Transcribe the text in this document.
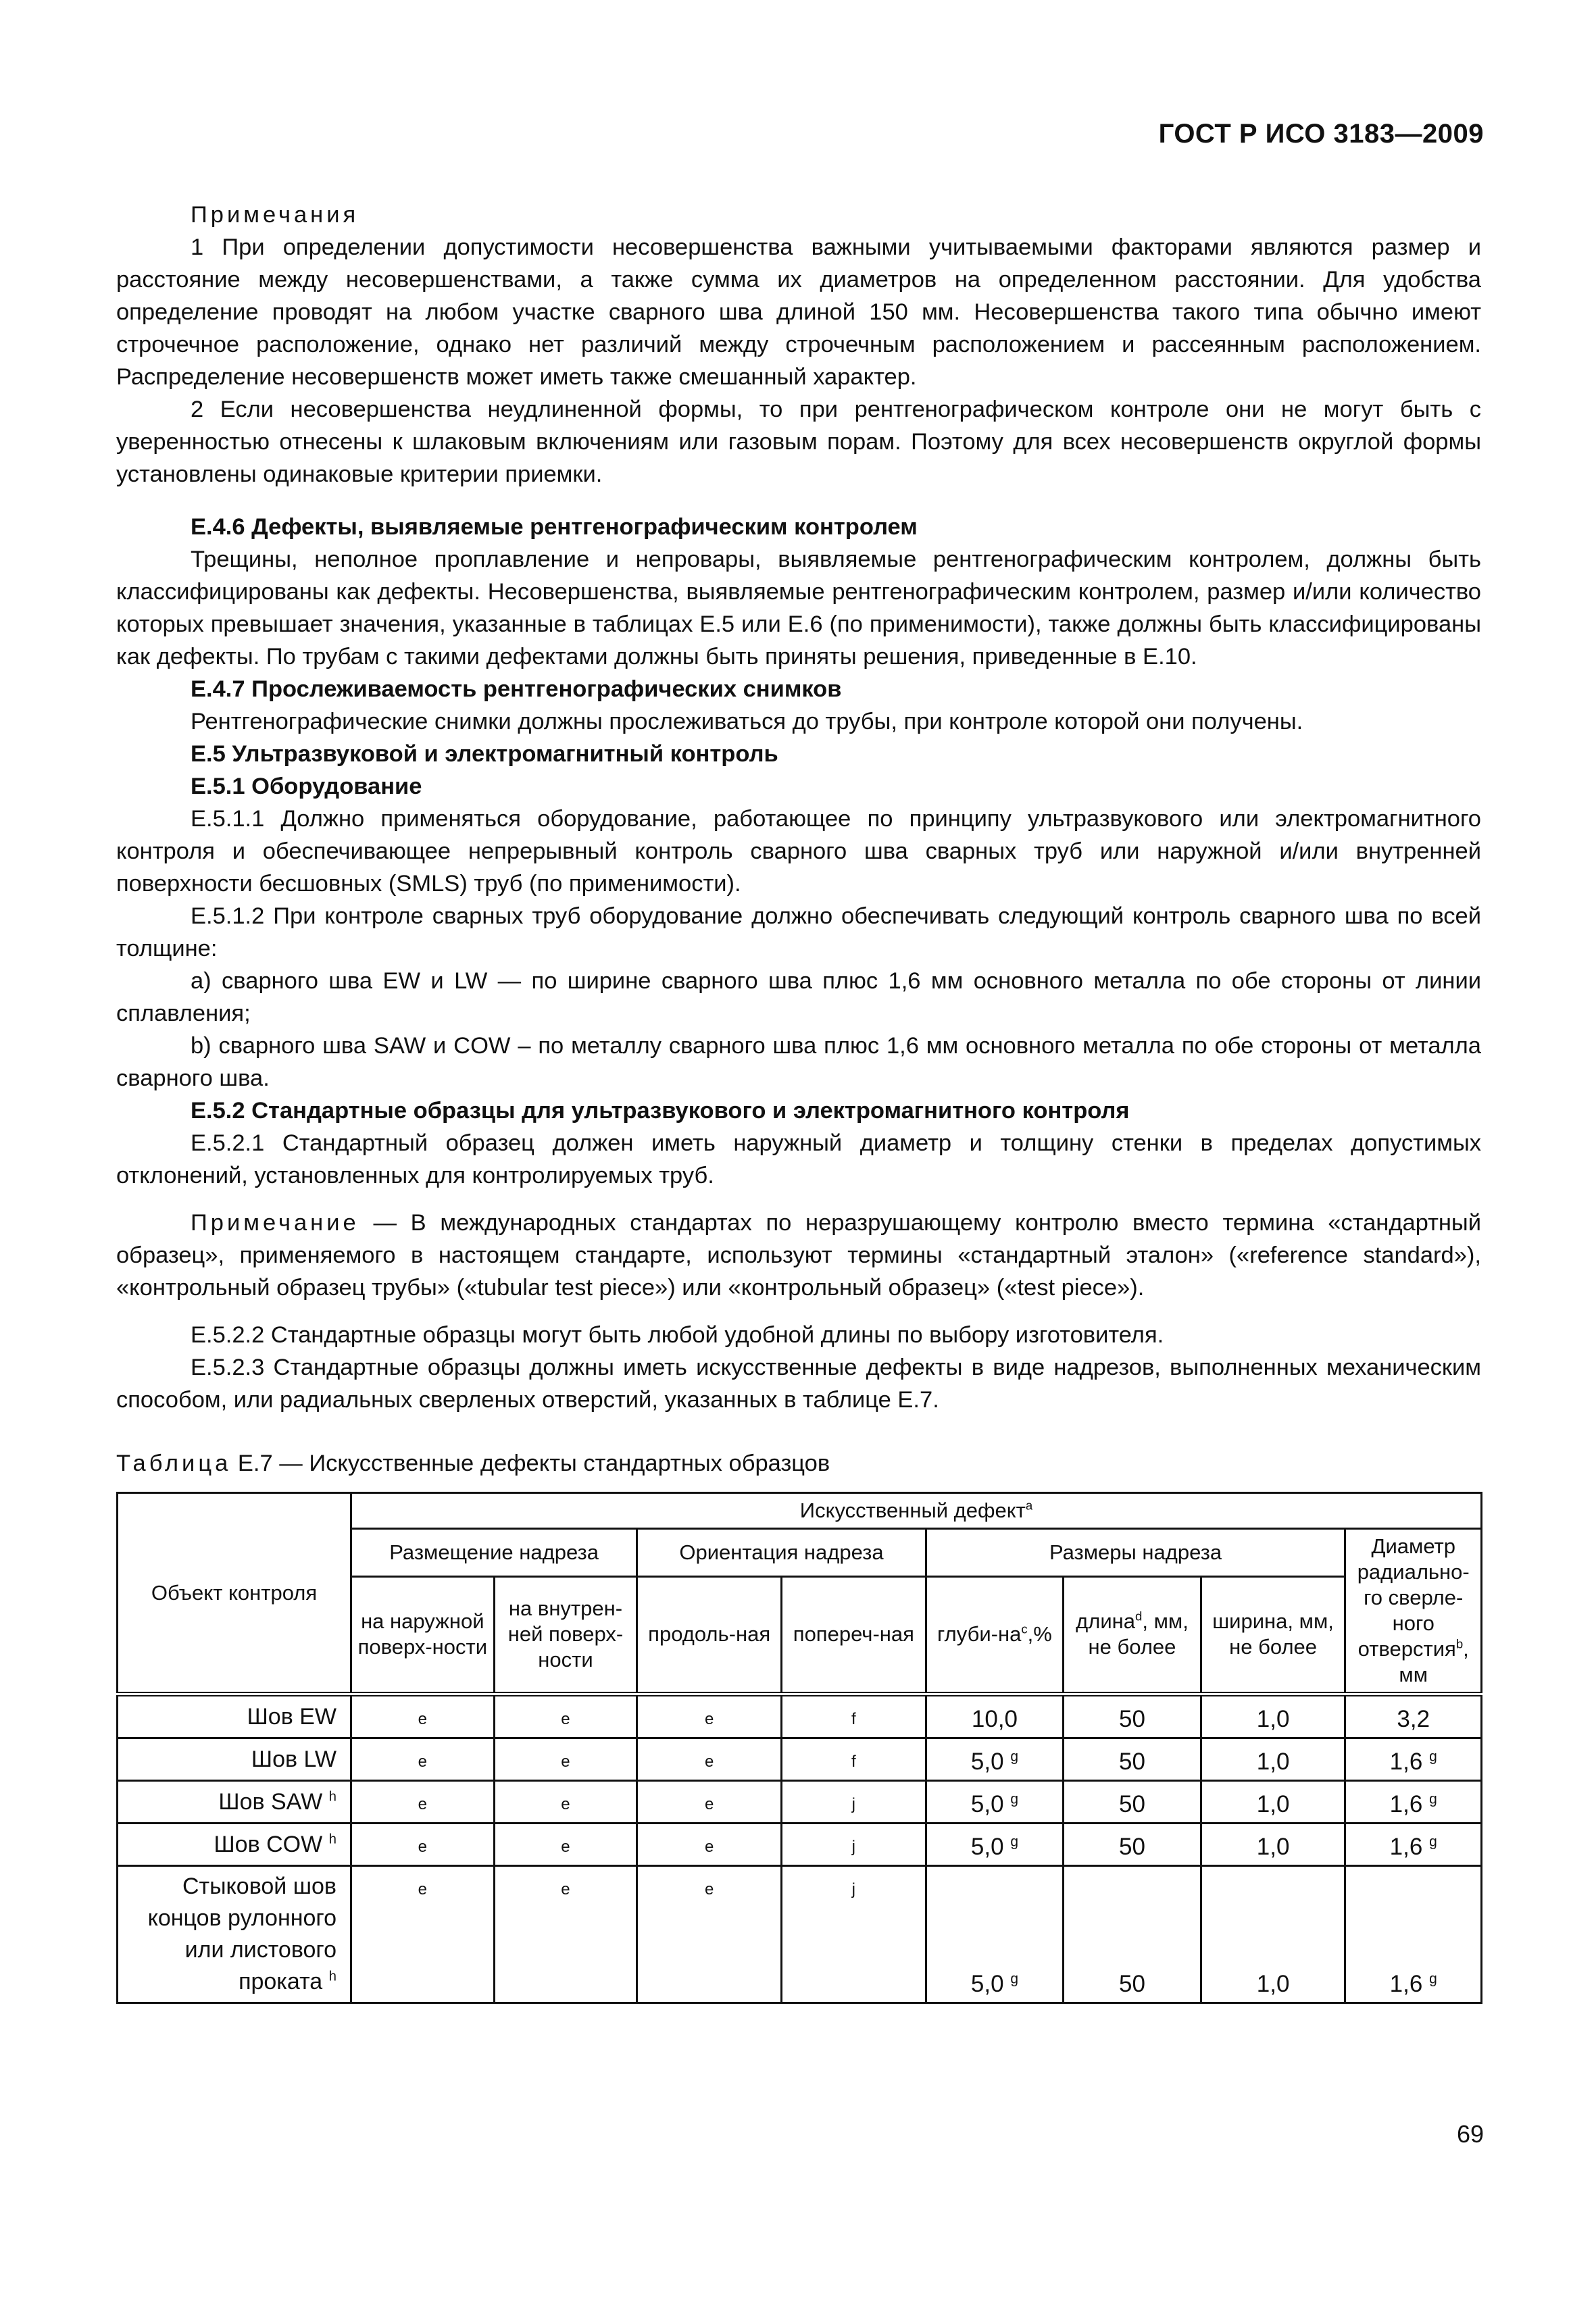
ГОСТ Р ИСО 3183—2009

Примечания

1 При определении допустимости несовершенства важными учитываемыми факторами являются размер и расстояние между несовершенствами, а также сумма их диаметров на определенном расстоянии. Для удобства определение проводят на любом участке сварного шва длиной 150 мм. Несовершенства такого типа обычно имеют строчечное расположение, однако нет различий между строчечным расположением и рассеянным расположением. Распределение несовершенств может иметь также смешанный характер.

2 Если несовершенства неудлиненной формы, то при рентгенографическом контроле они не могут быть с уверенностью отнесены к шлаковым включениям или газовым порам. Поэтому для всех несовершенств округлой формы установлены одинаковые критерии приемки.

Е.4.6 Дефекты, выявляемые рентгенографическим контролем

Трещины, неполное проплавление и непровары, выявляемые рентгенографическим контролем, должны быть классифицированы как дефекты. Несовершенства, выявляемые рентгенографическим контролем, размер и/или количество которых превышает значения, указанные в таблицах Е.5 или Е.6 (по применимости), также должны быть классифицированы как дефекты. По трубам с такими дефектами должны быть приняты решения, приведенные в Е.10.

Е.4.7 Прослеживаемость рентгенографических снимков

Рентгенографические снимки должны прослеживаться до трубы, при контроле которой они получены.

Е.5 Ультразвуковой и электромагнитный контроль

Е.5.1 Оборудование

Е.5.1.1 Должно применяться оборудование, работающее по принципу ультразвукового или электромагнитного контроля и обеспечивающее непрерывный контроль сварного шва сварных труб или наружной и/или внутренней поверхности бесшовных (SMLS) труб (по применимости).

Е.5.1.2 При контроле сварных труб оборудование должно обеспечивать следующий контроль сварного шва по всей толщине:

а) сварного шва EW и LW — по ширине сварного шва плюс 1,6 мм основного металла по обе стороны от линии сплавления;

b) сварного шва SAW и COW – по металлу сварного шва плюс 1,6 мм основного металла по обе стороны от металла сварного шва.

Е.5.2 Стандартные образцы для ультразвукового и электромагнитного контроля

Е.5.2.1 Стандартный образец должен иметь наружный диаметр и толщину стенки в пределах допустимых отклонений, установленных для контролируемых труб.

Примечание — В международных стандартах по неразрушающему контролю вместо термина «стандартный образец», применяемого в настоящем стандарте, используют термины «стандартный эталон» («reference standard»), «контрольный образец трубы» («tubular test piece») или «контрольный образец» («test piece»).

Е.5.2.2 Стандартные образцы могут быть любой удобной длины по выбору изготовителя.

Е.5.2.3 Стандартные образцы должны иметь искусственные дефекты в виде надрезов, выполненных механическим способом, или радиальных сверленых отверстий, указанных в таблице Е.7.

Таблица Е.7 — Искусственные дефекты стандартных образцов

Объект контроля	Искусственный дефект$^a$
	Размещение надреза		Ориентация надреза		Размеры надреза			Диаметр радиально-го сверле-ного отверстия$^b$, мм
	на наружной поверх-ности	на внутрен-ней поверх-ности	продоль-ная	попереч-ная	глуби-$на^c,\%$	длина$^d$, мм, не более	ширина, мм, не более	
Шов EW	e	e	e	f	10,0	50	1,0	3,2
Шов LW	e	e	e	f	5,0 $^g$	50	1,0	1,6 $^g$
Шов SAW $^h$	e	e	e	j	5,0 $^g$	50	1,0	1,6 $^g$
Шов COW $^h$	e	e	e	j	5,0 $^g$	50	1,0	1,6 $^g$
Стыковой шов концов рулонного или листового проката $^h$	e	e	e	j	5,0 $^g$	50	1,0	1,6 $^g$
69
